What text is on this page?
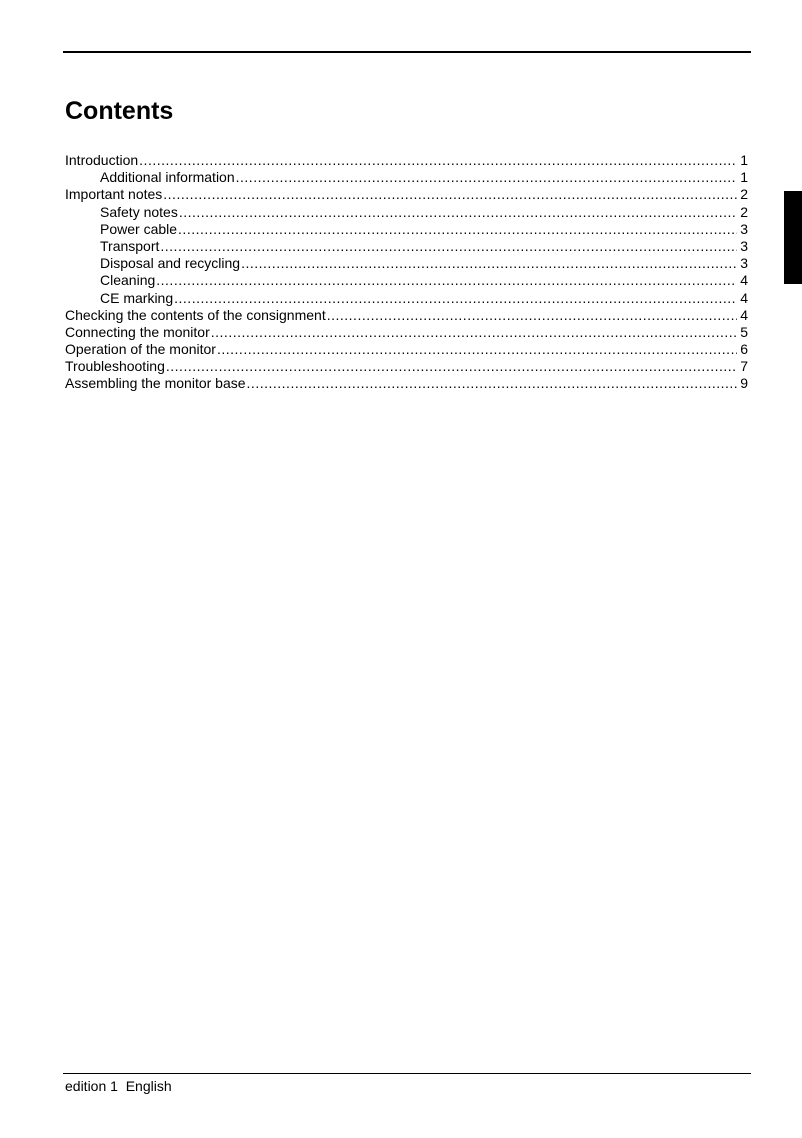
Contents
Introduction .....	1
Additional information .....	1
Important notes .....	2
Safety notes .....	2
Power cable .....	3
Transport .....	3
Disposal and recycling .....	3
Cleaning .....	4
CE marking .....	4
Checking the contents of the consignment .....	4
Connecting the monitor .....	5
Operation of the monitor .....	6
Troubleshooting .....	7
Assembling the monitor base .....	9
edition 1  English
